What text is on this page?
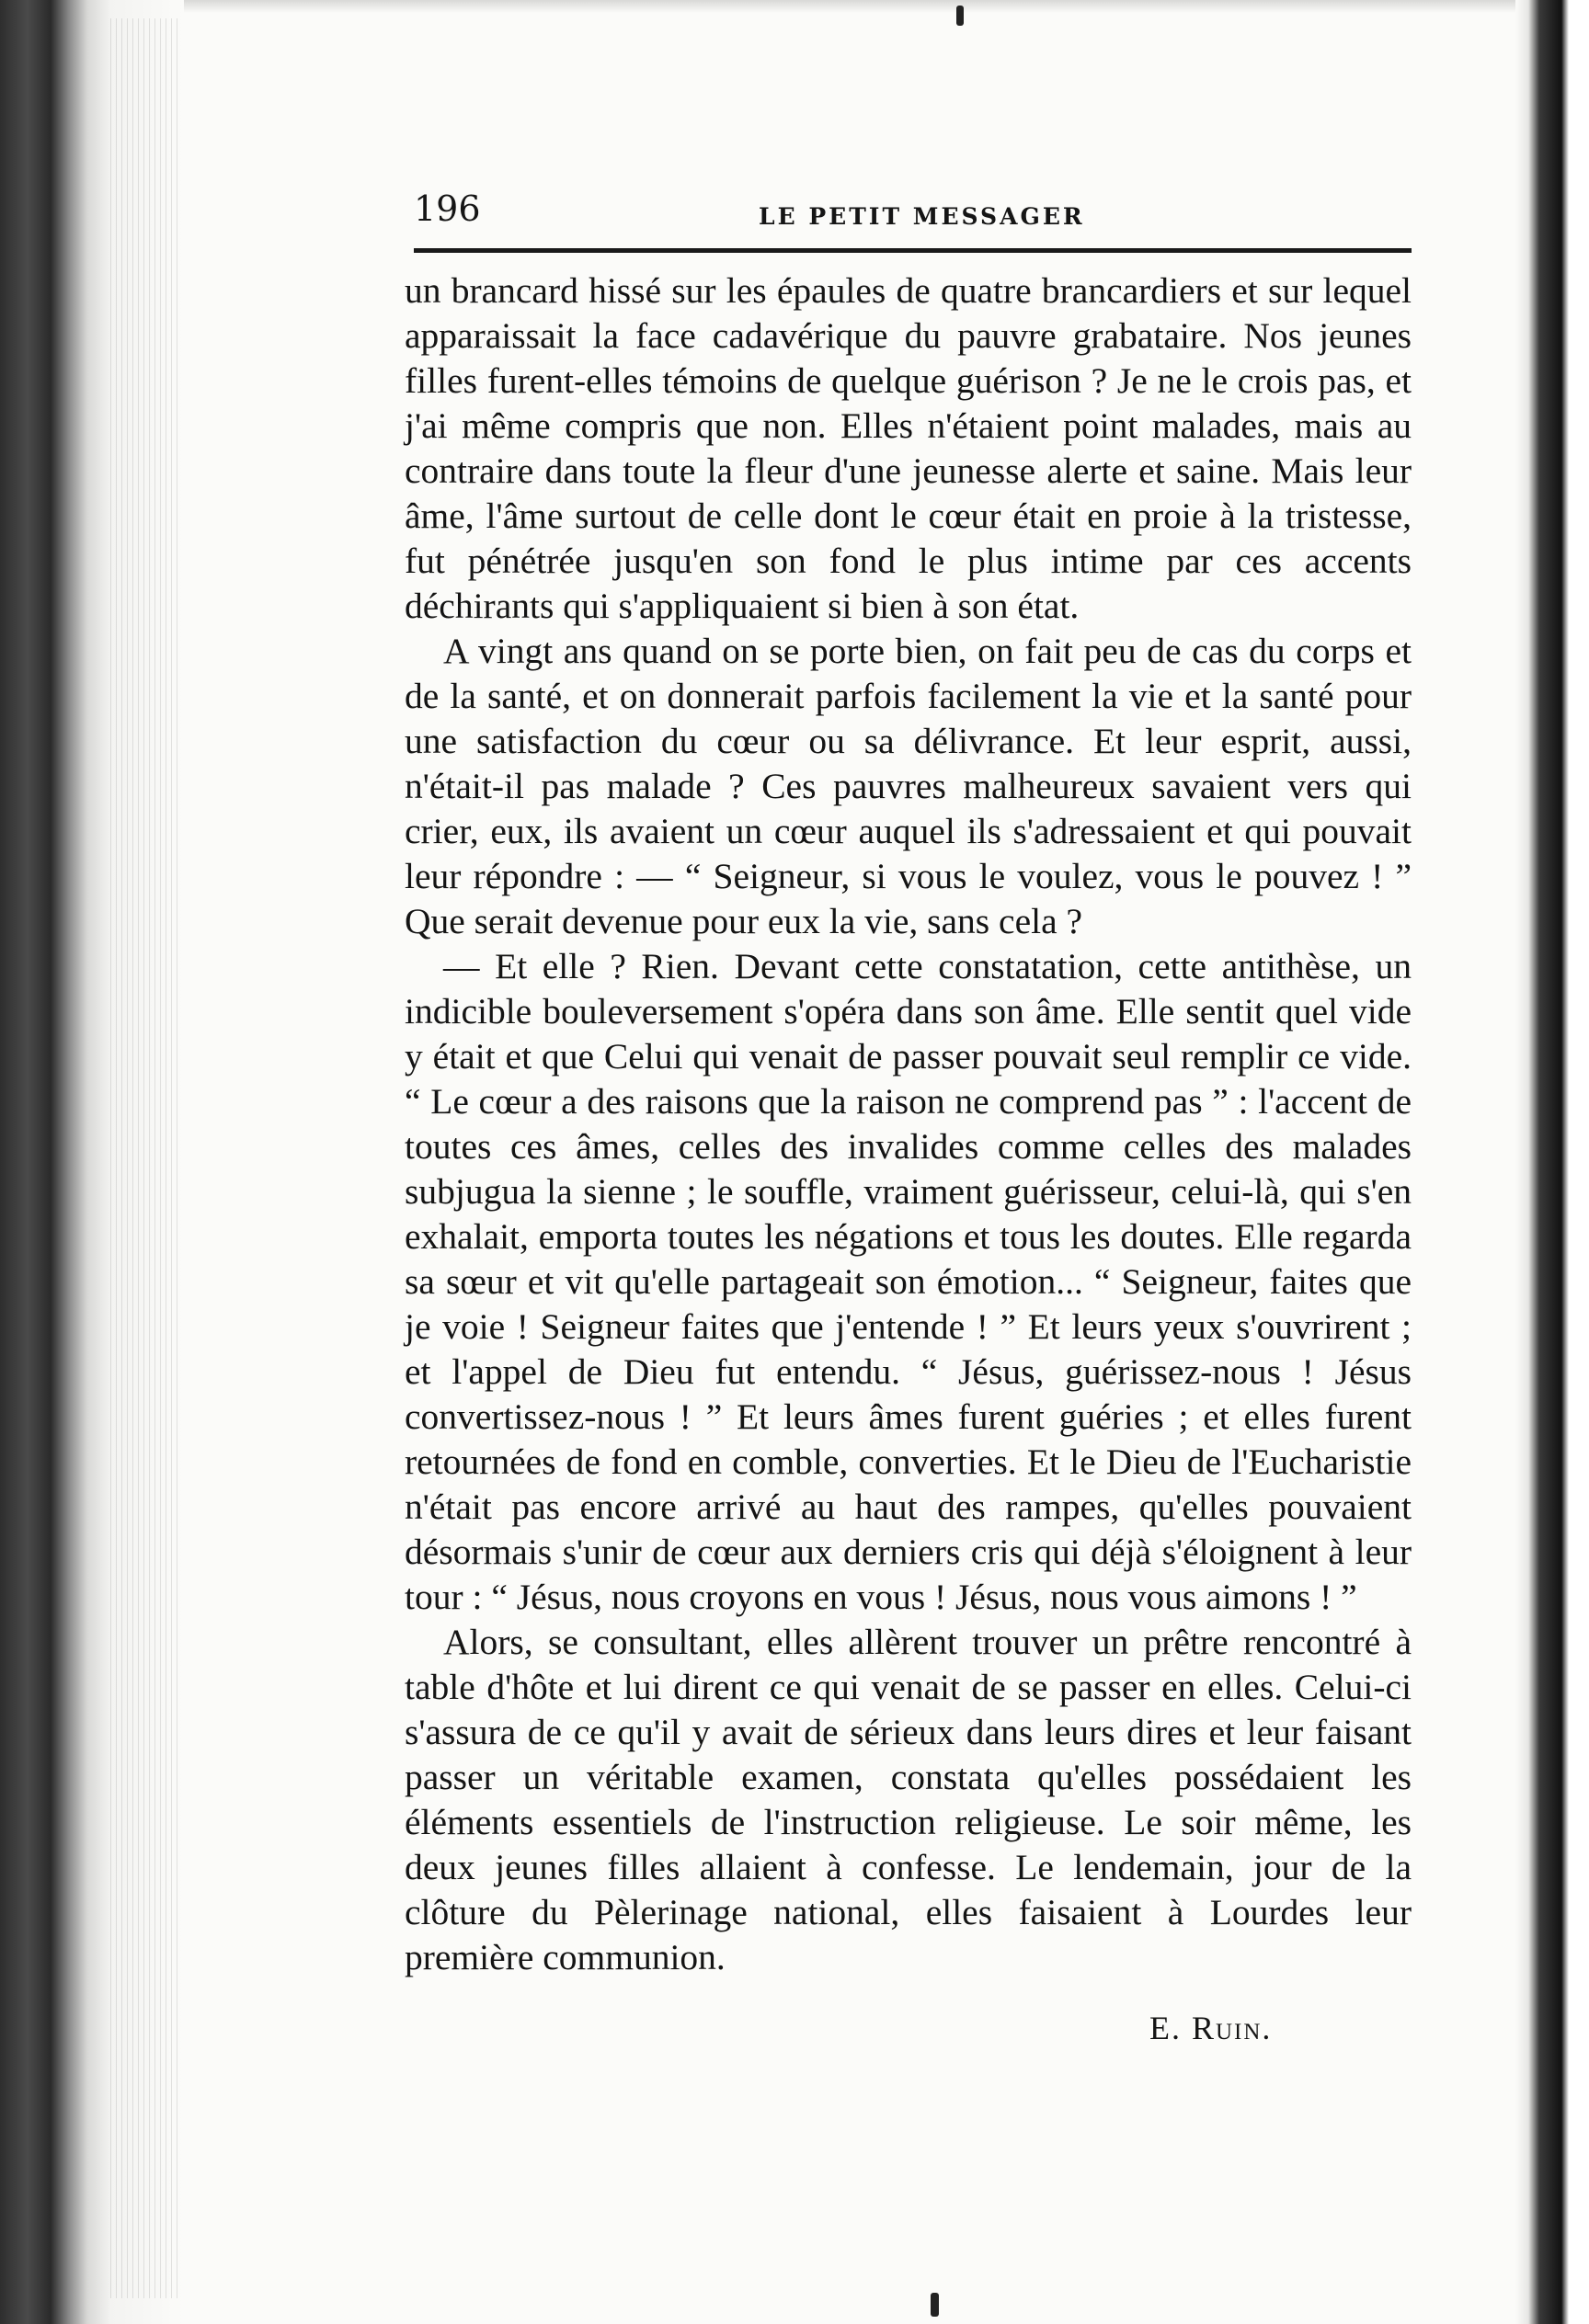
196	LE PETIT MESSAGER

un brancard hissé sur les épaules de quatre brancardiers et sur lequel apparaissait la face cadavérique du pauvre grabataire. Nos jeunes filles furent-elles témoins de quelque guérison ? Je ne le crois pas, et j'ai même compris que non. Elles n'étaient point malades, mais au contraire dans toute la fleur d'une jeunesse alerte et saine. Mais leur âme, l'âme surtout de celle dont le cœur était en proie à la tristesse, fut pénétrée jusqu'en son fond le plus intime par ces accents déchirants qui s'appliquaient si bien à son état.

A vingt ans quand on se porte bien, on fait peu de cas du corps et de la santé, et on donnerait parfois facilement la vie et la santé pour une satisfaction du cœur ou sa délivrance. Et leur esprit, aussi, n'était-il pas malade ? Ces pauvres malheureux savaient vers qui crier, eux, ils avaient un cœur auquel ils s'adressaient et qui pouvait leur répondre : — “ Seigneur, si vous le voulez, vous le pouvez ! ” Que serait devenue pour eux la vie, sans cela ?

— Et elle ? Rien. Devant cette constatation, cette antithèse, un indicible bouleversement s'opéra dans son âme. Elle sentit quel vide y était et que Celui qui venait de passer pouvait seul remplir ce vide. “ Le cœur a des raisons que la raison ne comprend pas ” : l'accent de toutes ces âmes, celles des invalides comme celles des malades subjugua la sienne ; le souffle, vraiment guérisseur, celui-là, qui s'en exhalait, emporta toutes les négations et tous les doutes. Elle regarda sa sœur et vit qu'elle partageait son émotion... “ Seigneur, faites que je voie ! Seigneur faites que j'entende ! ” Et leurs yeux s'ouvrirent ; et l'appel de Dieu fut entendu. “ Jésus, guérissez-nous ! Jésus convertissez-nous ! ” Et leurs âmes furent guéries ; et elles furent retournées de fond en comble, converties. Et le Dieu de l'Eucharistie n'était pas encore arrivé au haut des rampes, qu'elles pouvaient désormais s'unir de cœur aux derniers cris qui déjà s'éloignent à leur tour : “ Jésus, nous croyons en vous ! Jésus, nous vous aimons ! ”

Alors, se consultant, elles allèrent trouver un prêtre rencontré à table d'hôte et lui dirent ce qui venait de se passer en elles. Celui-ci s'assura de ce qu'il y avait de sérieux dans leurs dires et leur faisant passer un véritable examen, constata qu'elles possédaient les éléments essentiels de l'instruction religieuse. Le soir même, les deux jeunes filles allaient à confesse. Le lendemain, jour de la clôture du Pèlerinage national, elles faisaient à Lourdes leur première communion.

E. Ruin.
